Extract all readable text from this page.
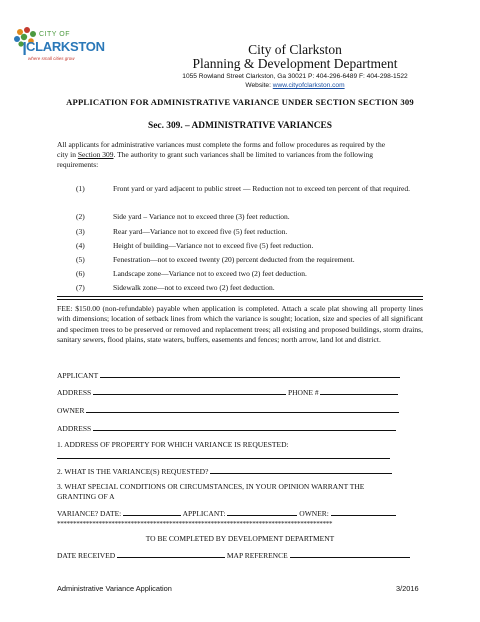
CITY OF
CLARKSTON
where small cities grow
City of Clarkston
Planning & Development Department
1055 Rowland Street Clarkston, Ga 30021 P: 404-296-6489 F: 404-298-1522
Website: www.cityofclarkston.com
APPLICATION FOR ADMINISTRATIVE VARIANCE UNDER SECTION SECTION 309
Sec. 309. – ADMINISTRATIVE VARIANCES
All applicants for administrative variances must complete the forms and follow procedures as required by the
city in Section 309. The authority to grant such variances shall be limited to variances from the following
requirements:
(1)	Front yard or yard adjacent to public street — Reduction not to exceed ten percent of that required.
(2)	Side yard – Variance not to exceed three (3) feet reduction.
(3)	Rear yard—Variance not to exceed five (5) feet reduction.
(4)	Height of building—Variance not to exceed five (5) feet reduction.
(5)	Fenestration—not to exceed twenty (20) percent deducted from the requirement.
(6)	Landscape zone—Variance not to exceed two (2) feet deduction.
(7)	Sidewalk zone—not to exceed two (2) feet deduction.
FEE: $150.00 (non-refundable) payable when application is completed. Attach a scale plat showing all property lines with dimensions; location of setback lines from which the variance is sought; location, size and species of all significant and specimen trees to be preserved or removed and replacement trees; all existing and proposed buildings, storm drains, sanitary sewers, flood plains, state waters, buffers, easements and fences; north arrow, land lot and district.
APPLICANT
ADDRESS	PHONE #
OWNER
ADDRESS
1. ADDRESS OF PROPERTY FOR WHICH VARIANCE IS REQUESTED:
2. WHAT IS THE VARIANCE(S) REQUESTED?
3. WHAT SPECIAL CONDITIONS OR CIRCUMSTANCES, IN YOUR OPINION WARRANT THE
GRANTING OF A
VARIANCE? DATE:	APPLICANT:	OWNER:
**************************************************************************************
TO BE COMPLETED BY DEVELOPMENT DEPARTMENT
DATE RECEIVED	MAP REFERENCE
Administrative Variance Application	3/2016
